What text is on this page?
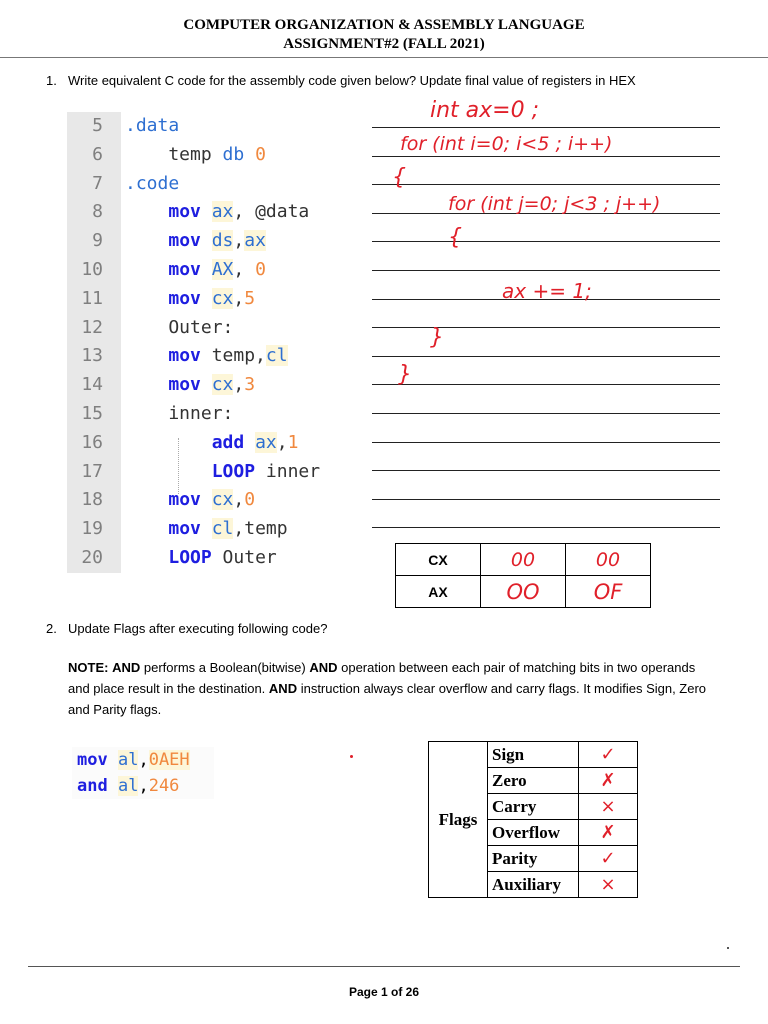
COMPUTER ORGANIZATION & ASSEMBLY LANGUAGE
ASSIGNMENT#2 (FALL 2021)
1. Write equivalent C code for the assembly code given below? Update final value of registers in HEX
5 .data
6 temp db 0
7 .code
8	mov ax, @data
9	mov ds,ax
10	mov AX, 0
11	mov cx,5
12 Outer:
13	mov temp,cl
14	mov cx,3
15 inner:
16	add ax,1
17	LOOP inner
18	mov cx,0
19	mov cl,temp
20	LOOP Outer
int ax=0 ;
for (int i=0; i<5 ; i++)
{
for (int j=0; j<3 ; j++)
{
ax += 1;
}
}
CX	00	00
AX	OO	OF
2. Update Flags after executing following code?
NOTE: AND performs a Boolean(bitwise) AND operation between each pair of matching bits in two operands and place result in the destination. AND instruction always clear overflow and carry flags. It modifies Sign, Zero and Parity flags.
mov al,0AEH
and al,246
Flags	Sign	✓
	Zero	✗
	Carry	×
	Overflow	✗
	Parity	✓
	Auxiliary	×
Page 1 of 26
